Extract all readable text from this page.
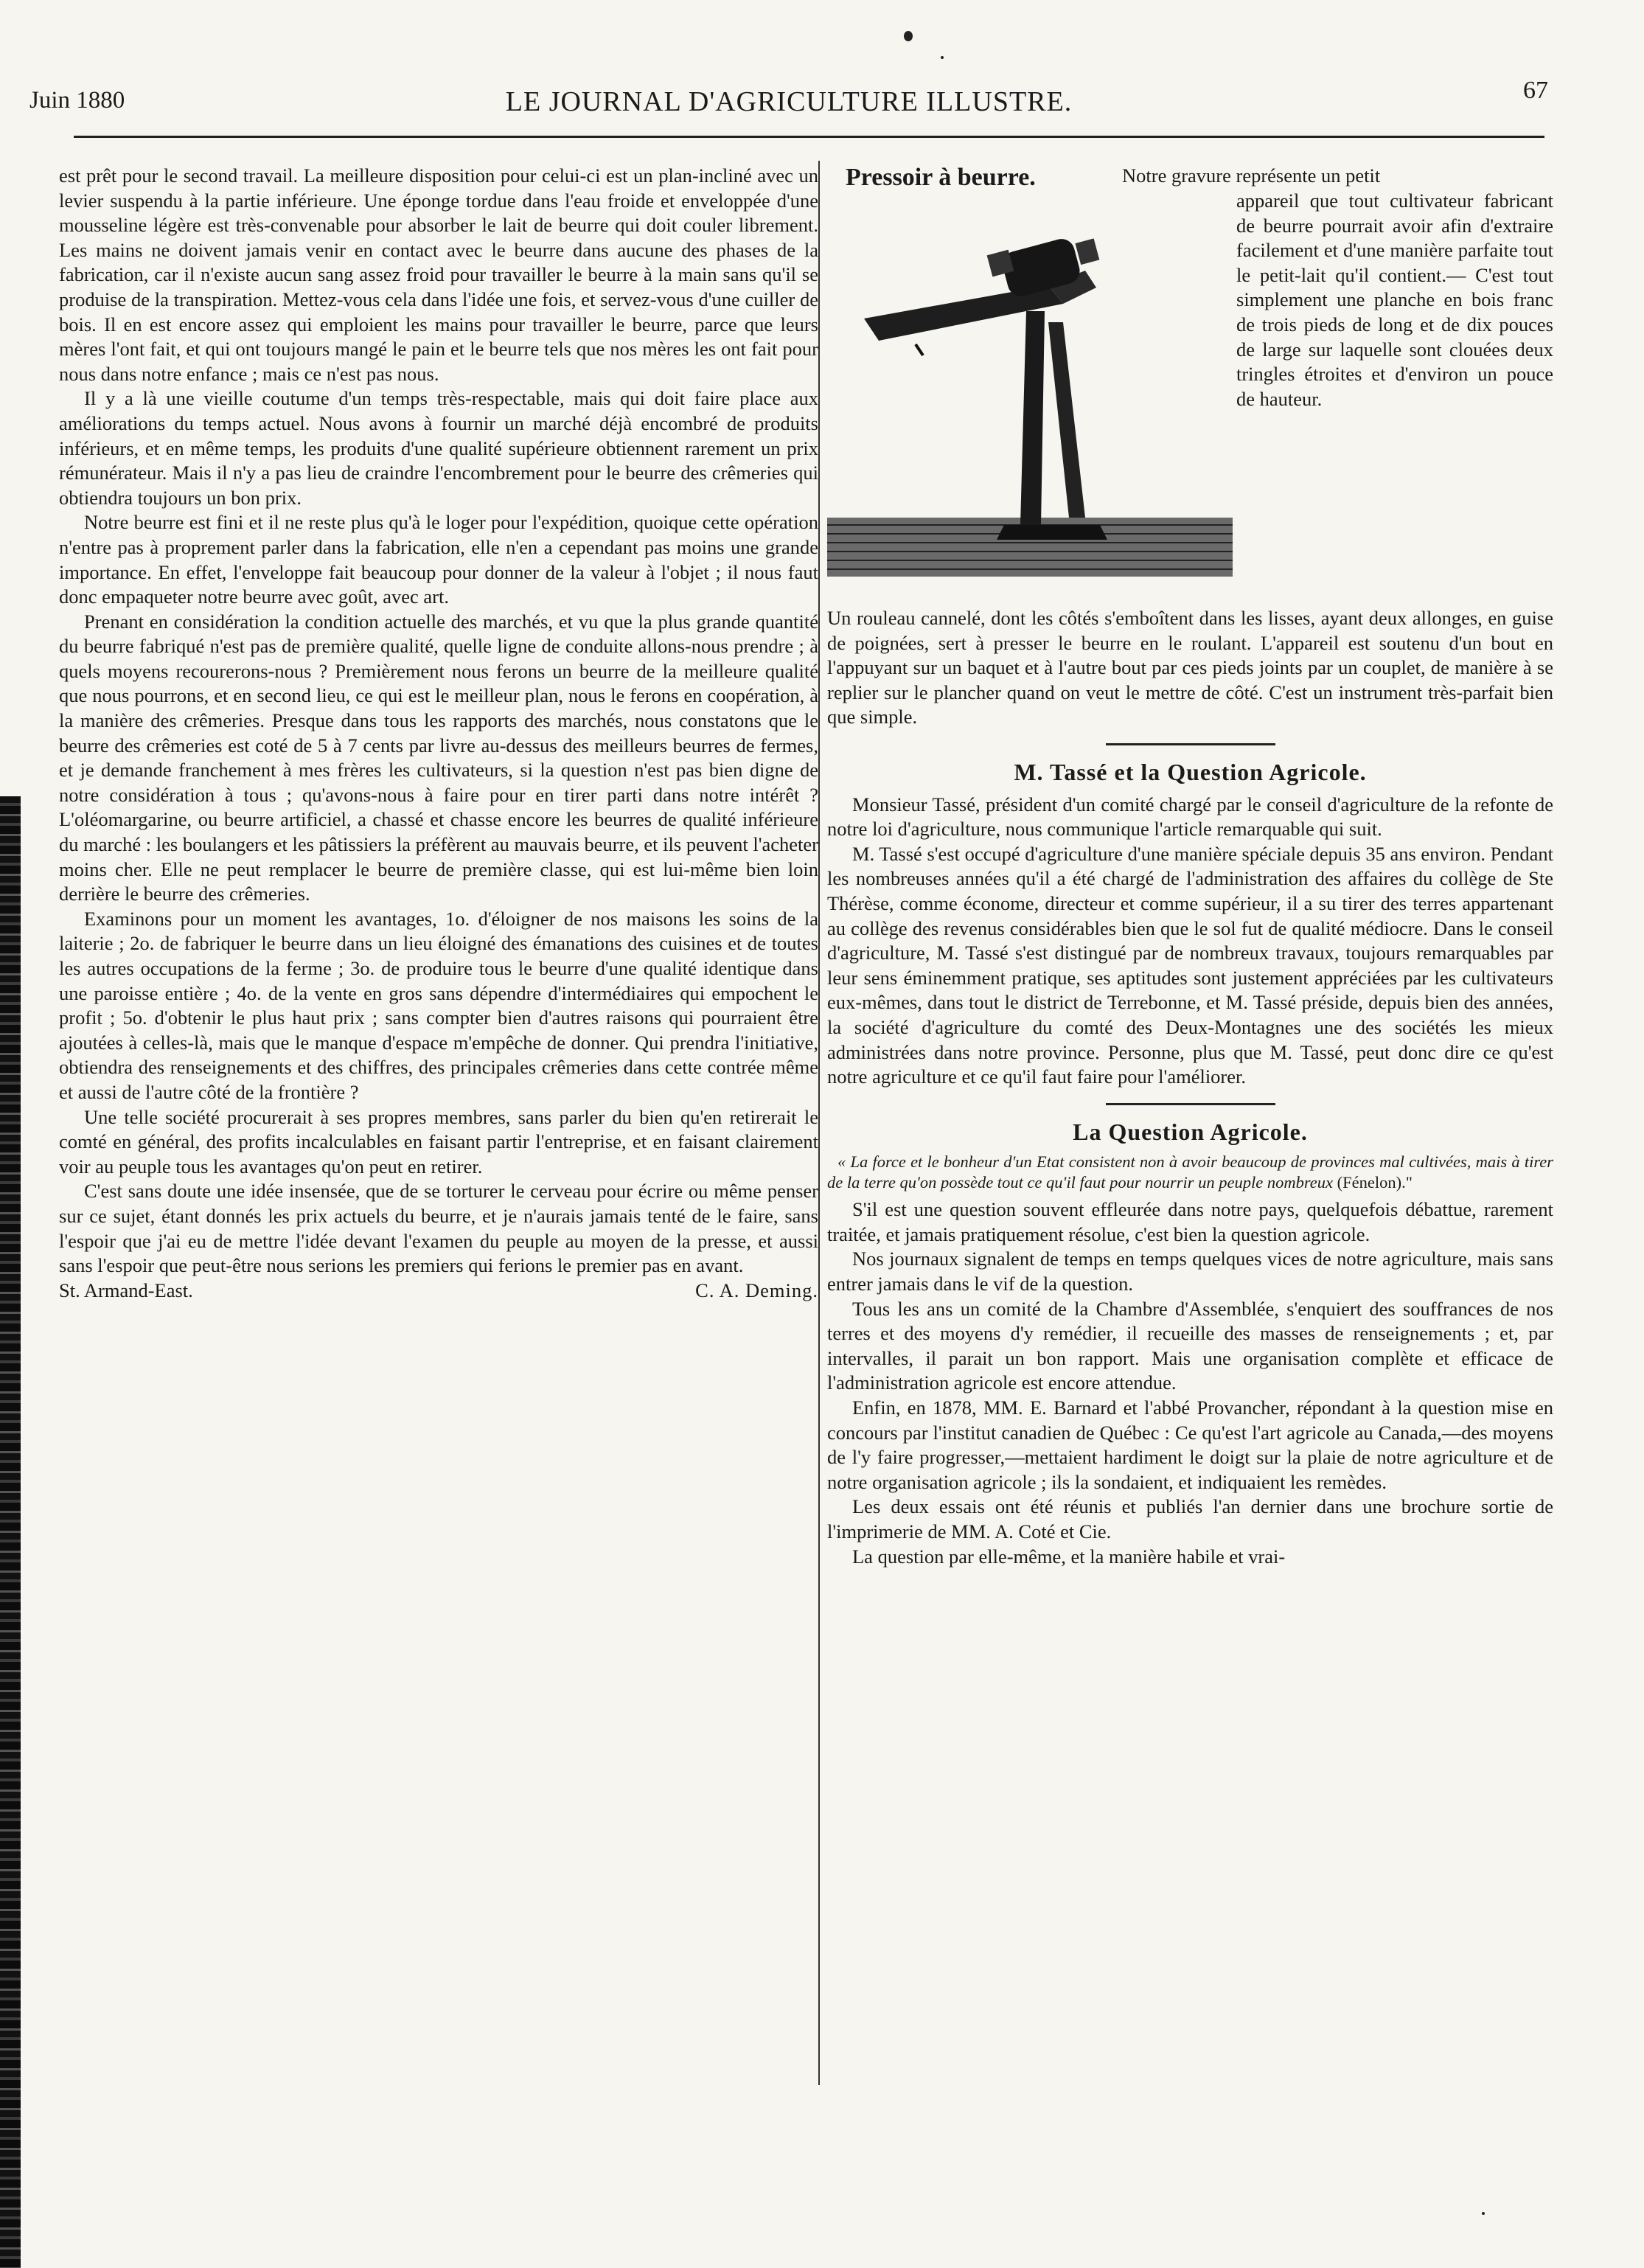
Juin 1880	LE JOURNAL D'AGRICULTURE ILLUSTRE.	67

est prêt pour le second travail. La meilleure disposition pour celui-ci est un plan-incliné avec un levier suspendu à la partie inférieure. Une éponge tordue dans l'eau froide et enveloppée d'une mousseline légère est très-convenable pour absorber le lait de beurre qui doit couler librement. Les mains ne doivent jamais venir en contact avec le beurre dans aucune des phases de la fabrication, car il n'existe aucun sang assez froid pour travailler le beurre à la main sans qu'il se produise de la transpiration. Mettez-vous cela dans l'idée une fois, et servez-vous d'une cuiller de bois. Il en est encore assez qui emploient les mains pour travailler le beurre, parce que leurs mères l'ont fait, et qui ont toujours mangé le pain et le beurre tels que nos mères les ont fait pour nous dans notre enfance ; mais ce n'est pas nous.

Il y a là une vieille coutume d'un temps très-respectable, mais qui doit faire place aux améliorations du temps actuel. Nous avons à fournir un marché déjà encombré de produits inférieurs, et en même temps, les produits d'une qualité supérieure obtiennent rarement un prix rémunérateur. Mais il n'y a pas lieu de craindre l'encombrement pour le beurre des crêmeries qui obtiendra toujours un bon prix.

Notre beurre est fini et il ne reste plus qu'à le loger pour l'expédition, quoique cette opération n'entre pas à proprement parler dans la fabrication, elle n'en a cependant pas moins une grande importance. En effet, l'enveloppe fait beaucoup pour donner de la valeur à l'objet ; il nous faut donc empaqueter notre beurre avec goût, avec art.

Prenant en considération la condition actuelle des marchés, et vu que la plus grande quantité du beurre fabriqué n'est pas de première qualité, quelle ligne de conduite allons-nous prendre ; à quels moyens recourerons-nous ? Premièrement nous ferons un beurre de la meilleure qualité que nous pourrons, et en second lieu, ce qui est le meilleur plan, nous le ferons en coopération, à la manière des crêmeries. Presque dans tous les rapports des marchés, nous constatons que le beurre des crêmeries est coté de 5 à 7 cents par livre au-dessus des meilleurs beurres de fermes, et je demande franchement à mes frères les cultivateurs, si la question n'est pas bien digne de notre considération à tous ; qu'avons-nous à faire pour en tirer parti dans notre intérêt ? L'oléomargarine, ou beurre artificiel, a chassé et chasse encore les beurres de qualité inférieure du marché : les boulangers et les pâtissiers la préfèrent au mauvais beurre, et ils peuvent l'acheter moins cher. Elle ne peut remplacer le beurre de première classe, qui est lui-même bien loin derrière le beurre des crêmeries.

Examinons pour un moment les avantages, 1o. d'éloigner de nos maisons les soins de la laiterie ; 2o. de fabriquer le beurre dans un lieu éloigné des émanations des cuisines et de toutes les autres occupations de la ferme ; 3o. de produire tous le beurre d'une qualité identique dans une paroisse entière ; 4o. de la vente en gros sans dépendre d'intermédiaires qui empochent le profit ; 5o. d'obtenir le plus haut prix ; sans compter bien d'autres raisons qui pourraient être ajoutées à celles-là, mais que le manque d'espace m'empêche de donner. Qui prendra l'initiative, obtiendra des renseignements et des chiffres, des principales crêmeries dans cette contrée même et aussi de l'autre côté de la frontière ?

Une telle société procurerait à ses propres membres, sans parler du bien qu'en retirerait le comté en général, des profits incalculables en faisant partir l'entreprise, et en faisant clairement voir au peuple tous les avantages qu'on peut en retirer.

C'est sans doute une idée insensée, que de se torturer le cerveau pour écrire ou même penser sur ce sujet, étant donnés les prix actuels du beurre, et je n'aurais jamais tenté de le faire, sans l'espoir que j'ai eu de mettre l'idée devant l'examen du peuple au moyen de la presse, et aussi sans l'espoir que peut-être nous serions les premiers qui ferions le premier pas en avant.

St. Armand-East.	C. A. Deming.
Pressoir à beurre.	Notre gravure représente un petit

appareil que tout cultivateur fabricant de beurre pourrait avoir afin d'extraire facilement et d'une manière parfaite tout le petit-lait qu'il contient.— C'est tout simplement une planche en bois franc de trois pieds de long et de dix pouces de large sur laquelle sont clouées deux tringles étroites et d'environ un pouce de hauteur.

Un rouleau cannelé, dont les côtés s'emboîtent dans les lisses, ayant deux allonges, en guise de poignées, sert à presser le beurre en le roulant. L'appareil est soutenu d'un bout en l'appuyant sur un baquet et à l'autre bout par ces pieds joints par un couplet, de manière à se replier sur le plancher quand on veut le mettre de côté. C'est un instrument très-parfait bien que simple.

M. Tassé et la Question Agricole.

Monsieur Tassé, président d'un comité chargé par le conseil d'agriculture de la refonte de notre loi d'agriculture, nous communique l'article remarquable qui suit.

M. Tassé s'est occupé d'agriculture d'une manière spéciale depuis 35 ans environ. Pendant les nombreuses années qu'il a été chargé de l'administration des affaires du collège de Ste Thérèse, comme économe, directeur et comme supérieur, il a su tirer des terres appartenant au collège des revenus considérables bien que le sol fut de qualité médiocre. Dans le conseil d'agriculture, M. Tassé s'est distingué par de nombreux travaux, toujours remarquables par leur sens éminemment pratique, ses aptitudes sont justement appréciées par les cultivateurs eux-mêmes, dans tout le district de Terrebonne, et M. Tassé préside, depuis bien des années, la société d'agriculture du comté des Deux-Montagnes une des sociétés les mieux administrées dans notre province. Personne, plus que M. Tassé, peut donc dire ce qu'est notre agriculture et ce qu'il faut faire pour l'améliorer.

La Question Agricole.
« La force et le bonheur d'un Etat consistent non à avoir beaucoup de provinces mal cultivées, mais à tirer de la terre qu'on possède tout ce qu'il faut pour nourrir un peuple nombreux (Fénelon)."

S'il est une question souvent effleurée dans notre pays, quelquefois débattue, rarement traitée, et jamais pratiquement résolue, c'est bien la question agricole.

Nos journaux signalent de temps en temps quelques vices de notre agriculture, mais sans entrer jamais dans le vif de la question.

Tous les ans un comité de la Chambre d'Assemblée, s'enquiert des souffrances de nos terres et des moyens d'y remédier, il recueille des masses de renseignements ; et, par intervalles, il parait un bon rapport. Mais une organisation complète et efficace de l'administration agricole est encore attendue.

Enfin, en 1878, MM. E. Barnard et l'abbé Provancher, répondant à la question mise en concours par l'institut canadien de Québec : Ce qu'est l'art agricole au Canada,—des moyens de l'y faire progresser,—mettaient hardiment le doigt sur la plaie de notre agriculture et de notre organisation agricole ; ils la sondaient, et indiquaient les remèdes.

Les deux essais ont été réunis et publiés l'an dernier dans une brochure sortie de l'imprimerie de MM. A. Coté et Cie.

La question par elle-même, et la manière habile et vrai-
